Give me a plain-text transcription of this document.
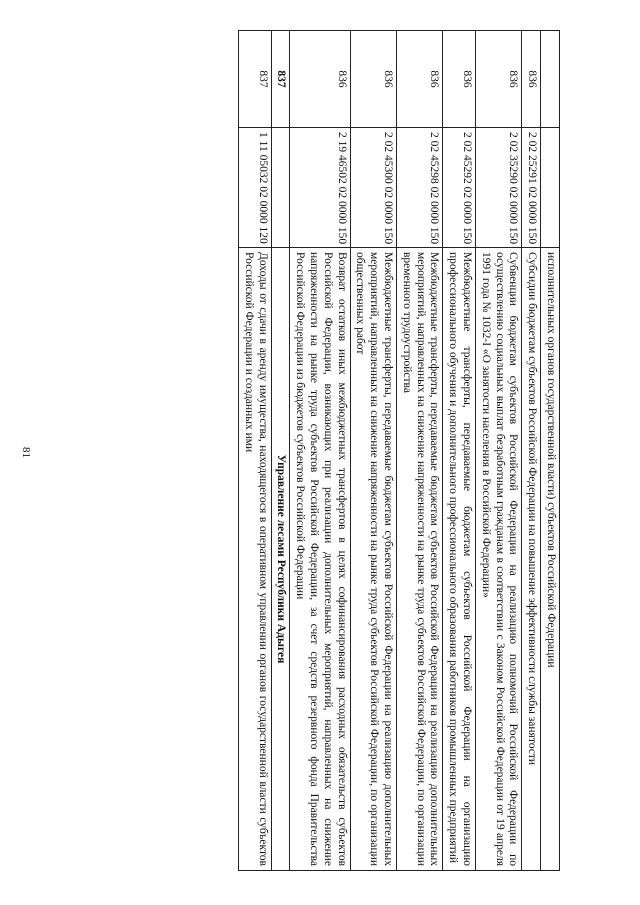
81
			исполнительных органов государственной власти) субъектов Российской Федерации
836	2 02 25291 02 0000 150	Субсидии бюджетам субъектов Российской Федерации на повышение эффективности службы занятости
836	2 02 35290 02 0000 150	Субвенции бюджетам субъектов Российской Федерации на реализацию полномочий Российской Федерации по осуществлению социальных выплат безработным гражданам в соответствии с Законом Российской Федерации от 19 апреля 1991 года № 1032-I «О занятости населения в Российской Федерации»
836	2 02 45292 02 0000 150	Межбюджетные трансферты, передаваемые бюджетам субъектов Российской Федерации на организацию профессионального обучения и дополнительного профессионального образования работников промышленных предприятий
836	2 02 45298 02 0000 150	Межбюджетные трансферты, передаваемые бюджетам субъектов Российской Федерации на реализацию дополнительных мероприятий, направленных на снижение напряженности на рынке труда субъектов Российской Федерации, по организации временного трудоустройства
836	2 02 45300 02 0000 150	Межбюджетные трансферты, передаваемые бюджетам субъектов Российской Федерации на реализацию дополнительных мероприятий, направленных на снижение напряженности на рынке труда субъектов Российской Федерации, по организации общественных работ
836	2 19 46502 02 0000 150	Возврат остатков иных межбюджетных трансфертов в целях софинансирования расходных обязательств субъектов Российской Федерации, возникающих при реализации дополнительных мероприятий, направленных на снижение напряженности на рынке труда субъектов Российской Федерации, за счет средств резервного фонда Правительства Российской Федерации из бюджетов субъектов Российской Федерации
837		Управление лесами Республики Адыгея
837	1 11 05032 02 0000 120	Доходы от сдачи в аренду имущества, находящегося в оперативном управлении органов государственной власти субъектов Российской Федерации и созданных ими
